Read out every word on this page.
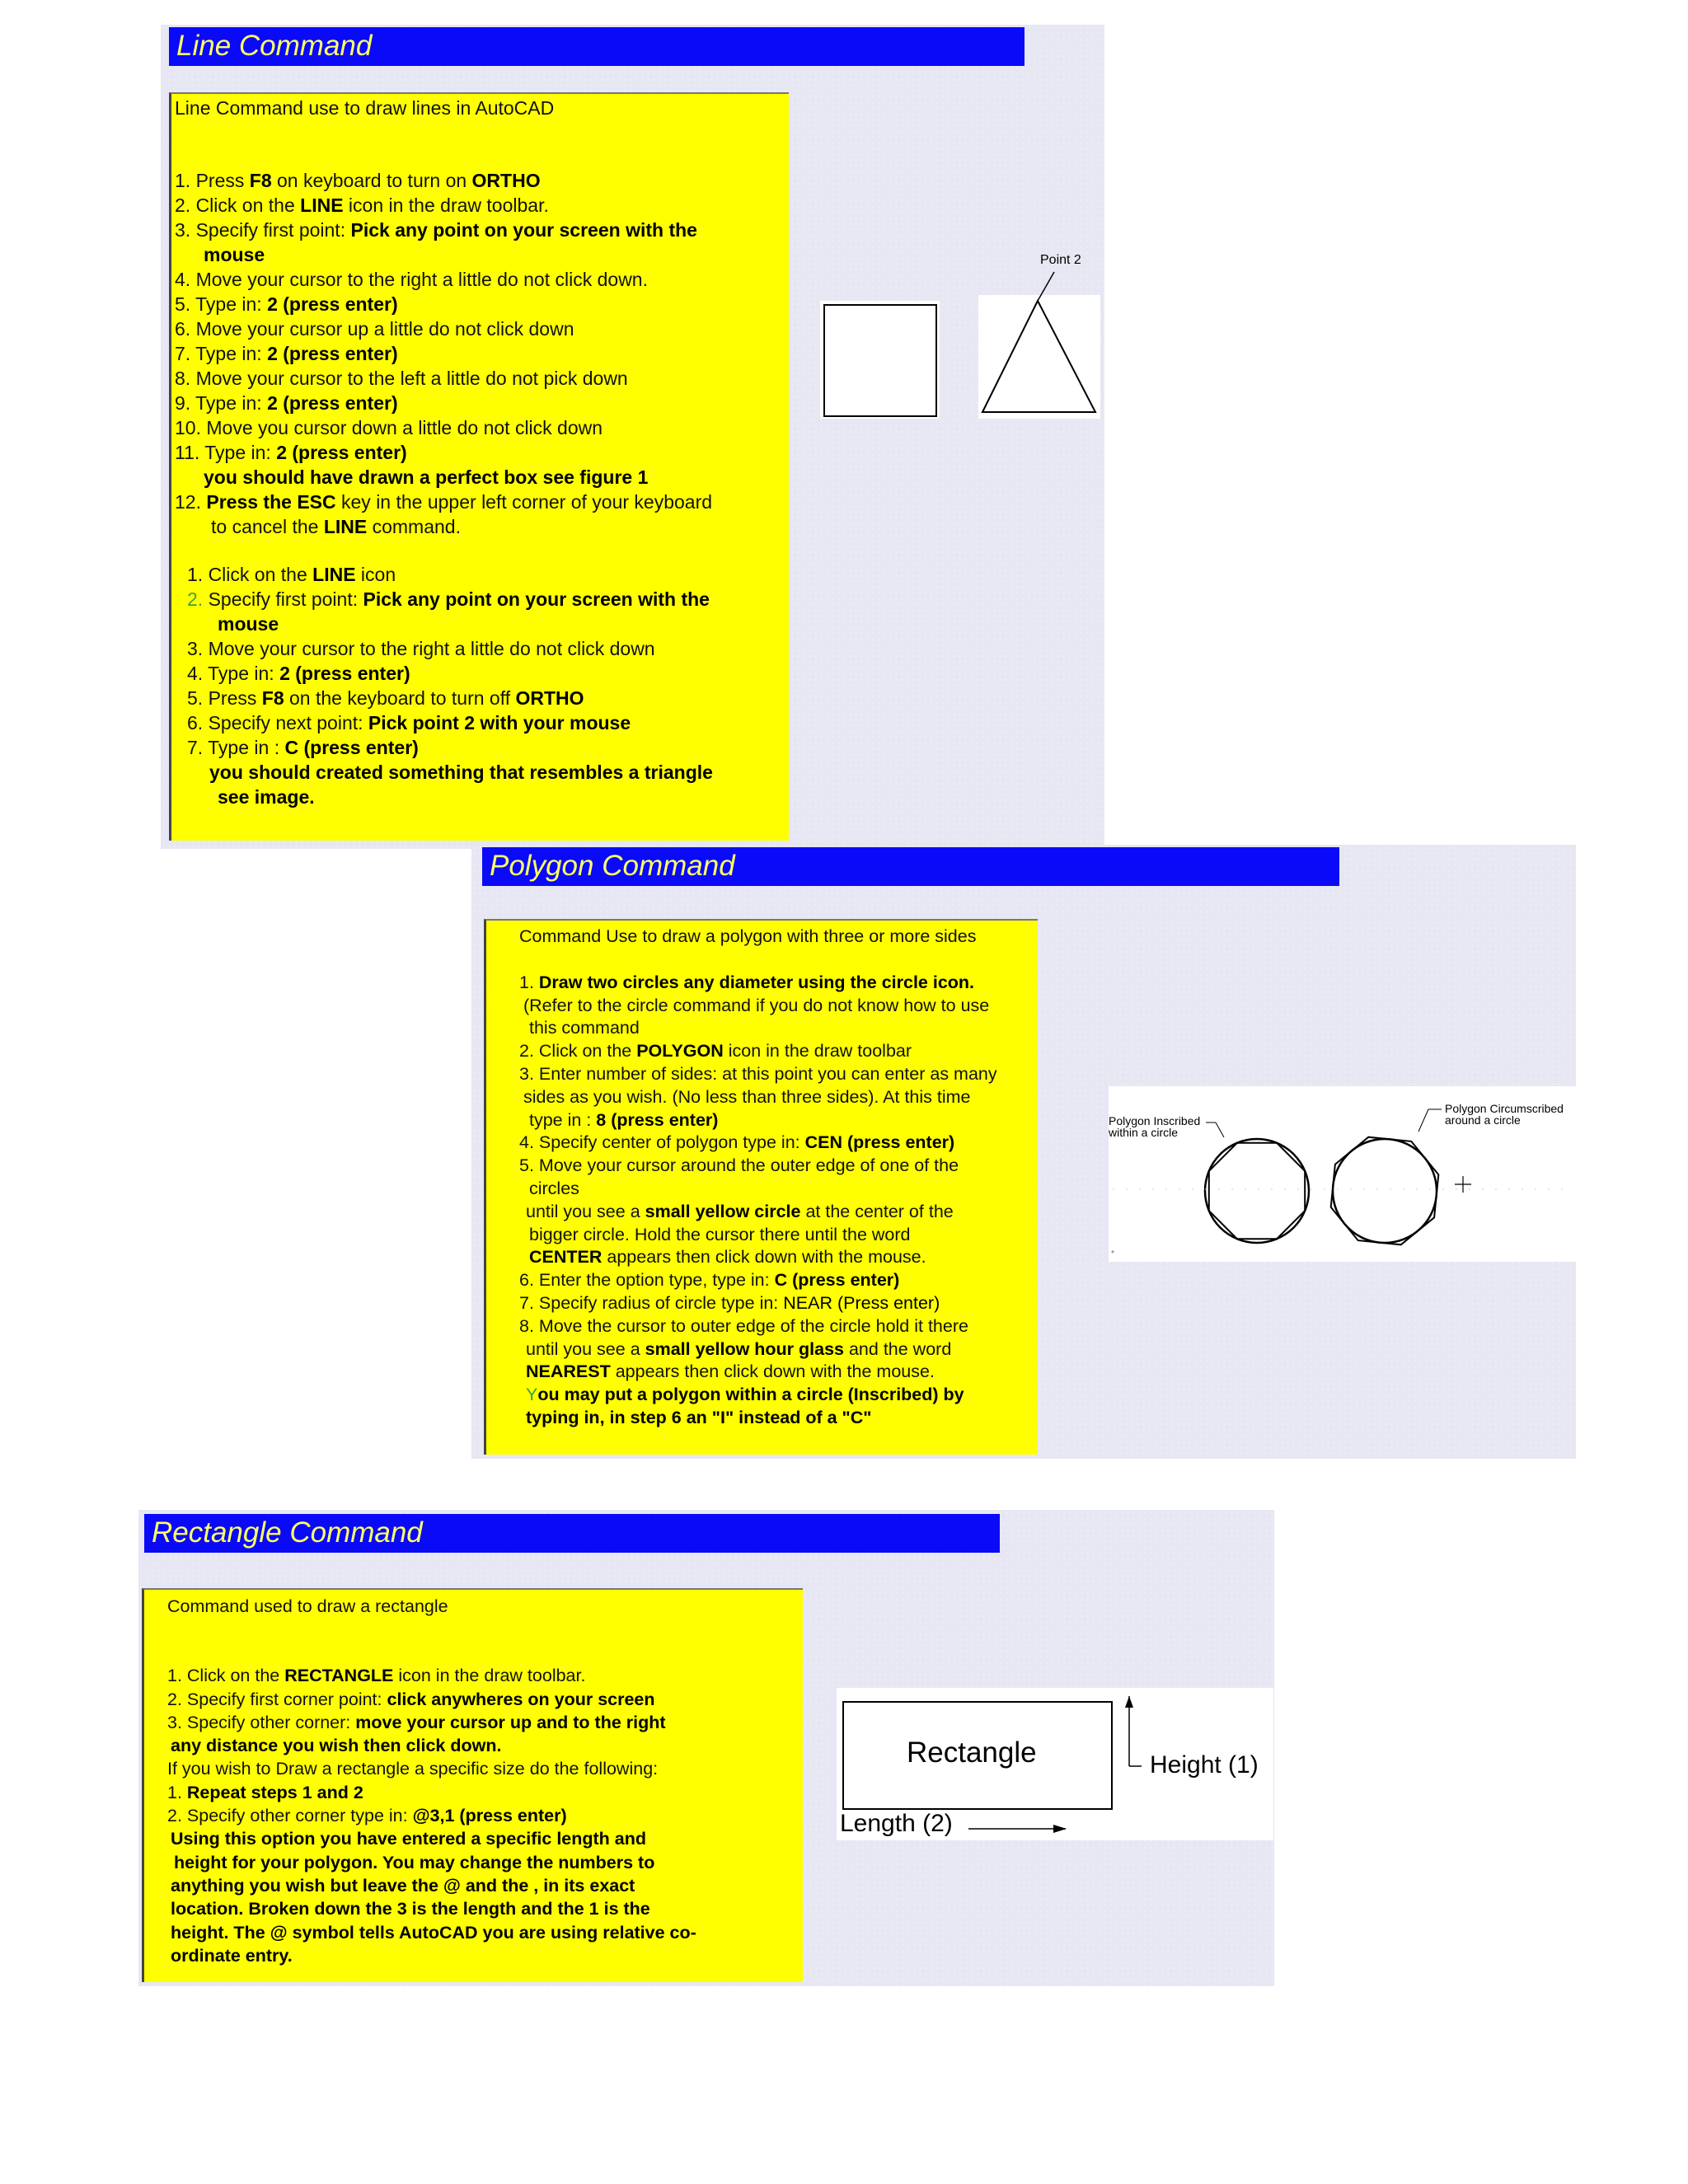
Line Command

Line Command use to draw lines in AutoCAD

1. Press F8 on keyboard to turn on ORTHO

2. Click on the LINE icon in the draw toolbar.

3. Specify first point: Pick any point on your screen with the

mouse

4. Move your cursor to the right a little do not click down.

5. Type in: 2 (press enter)

6. Move your cursor up a little do not click down

7. Type in: 2 (press enter)

8. Move your cursor to the left a little do not pick down

9. Type in: 2 (press enter)

10. Move you cursor down a little do not click down

11. Type in: 2 (press enter)

you should have drawn a perfect box see figure 1

12. Press the ESC key in the upper left corner of your keyboard

to cancel the LINE command.

1. Click on the LINE icon

2. Specify first point: Pick any point on your screen with the

mouse

3. Move your cursor to the right a little do not click down

4. Type in: 2 (press enter)

5. Press F8 on the keyboard to turn off ORTHO

6. Specify next point: Pick point 2 with your mouse

7. Type in : C (press enter)

you should created something that resembles a triangle

see image.

Point 2
Polygon Command

Command Use to draw a polygon with three or more sides

1. Draw two circles any diameter using the circle icon.

(Refer to the circle command if you do not know how to use

this command

2. Click on the POLYGON icon in the draw toolbar

3. Enter number of sides: at this point you can enter as many

sides as you wish. (No less than three sides). At this time

type in : 8 (press enter)

4. Specify center of polygon type in: CEN (press enter)

5. Move your cursor around the outer edge of one of the

circles

until you see a small yellow circle at the center of the

bigger circle. Hold the cursor there until the word

CENTER appears then click down with the mouse.

6. Enter the option type, type in: C (press enter)

7. Specify radius of circle type in: NEAR (Press enter)

8. Move the cursor to outer edge of the circle hold it there

until you see a small yellow hour glass and the word

NEAREST appears then click down with the mouse.

You may put a polygon within a circle (Inscribed) by

typing in, in step 6 an "I" instead of a "C"

Polygon Inscribed
within a circle
Polygon Circumscribed
around a circle
*
Rectangle Command

Command used to draw a rectangle

1. Click on the RECTANGLE icon in the draw toolbar.

2. Specify first corner point: click anywheres on your screen

3. Specify other corner: move your cursor up and to the right

any distance you wish then click down.

If you wish to Draw a rectangle a specific size do the following:

1. Repeat steps 1 and 2

2. Specify other corner type in: @3,1 (press enter)

Using this option you have entered a specific length and

height for your polygon. You may change the numbers to

anything you wish but leave the @ and the , in its exact

location. Broken down the 3 is the length and the 1 is the

height. The @ symbol tells AutoCAD you are using relative co-

ordinate entry.

Rectangle	Height (1)
Length (2)
